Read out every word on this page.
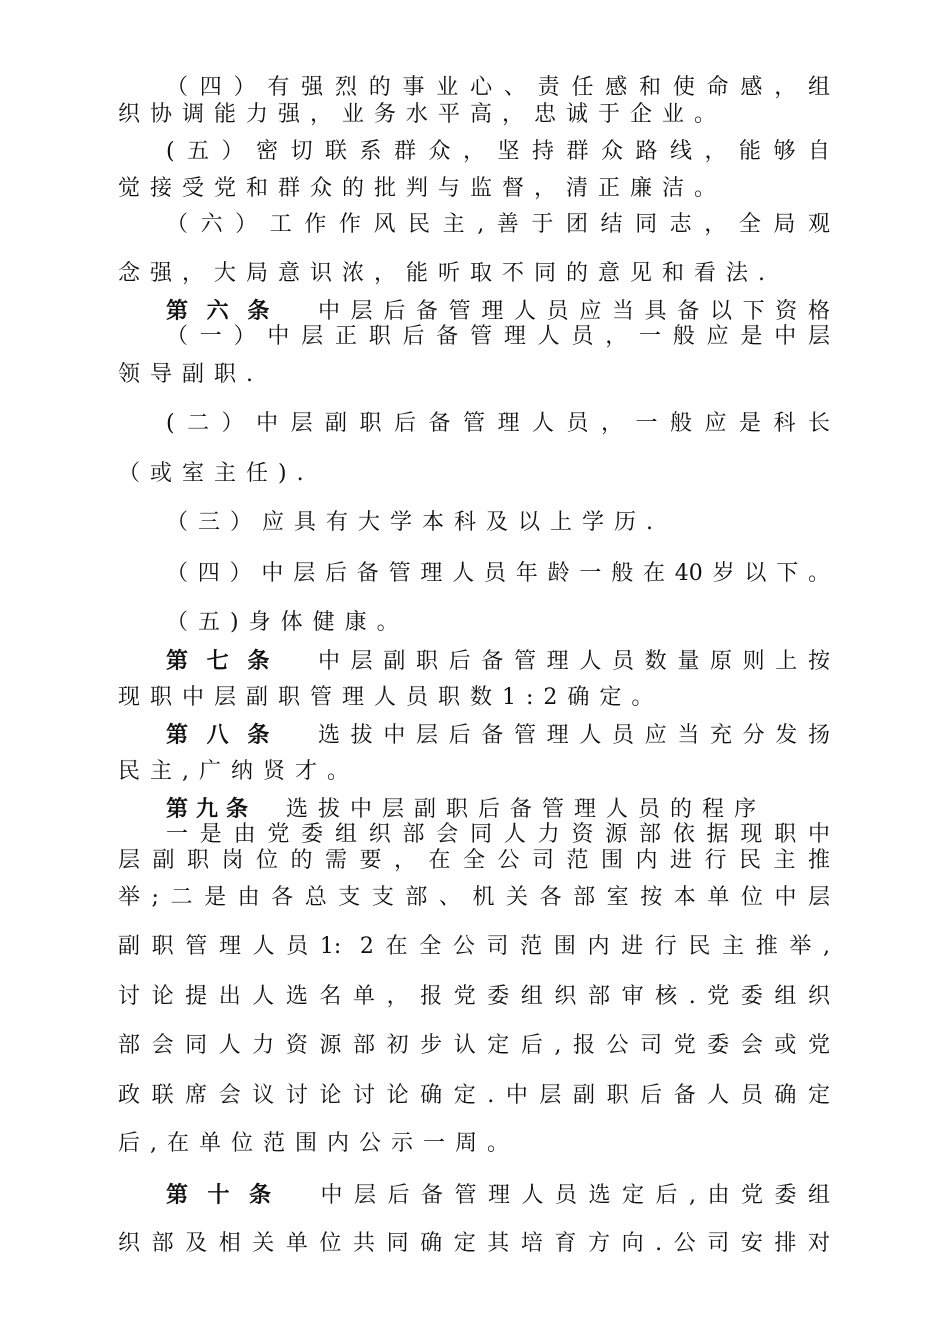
（四）有强烈的事业心、责任感和使命感，组
织协调能力强，业务水平高，忠诚于企业。
(五）密切联系群众，坚持群众路线，能够自
觉接受党和群众的批判与监督，清正廉洁。
（六）工作作风民主,善于团结同志，全局观
念强，大局意识浓，能听取不同的意见和看法.
第六条 中层后备管理人员应当具备以下资格
（一）中层正职后备管理人员，一般应是中层
领导副职.
(二）中层副职后备管理人员，一般应是科长
（或室主任).
（三）应具有大学本科及以上学历.
（四）中层后备管理人员年龄一般在40岁以下。
（五)身体健康。
第七条 中层副职后备管理人员数量原则上按
现职中层副职管理人员职数1:2确定。
第八条 选拔中层后备管理人员应当充分发扬
民主,广纳贤才。
第九条 选拔中层副职后备管理人员的程序
一是由党委组织部会同人力资源部依据现职中
层副职岗位的需要，在全公司范围内进行民主推
举;二是由各总支支部、机关各部室按本单位中层
副职管理人员1: 2在全公司范围内进行民主推举,
讨论提出人选名单，报党委组织部审核.党委组织
部会同人力资源部初步认定后,报公司党委会或党
政联席会议讨论讨论确定.中层副职后备人员确定
后,在单位范围内公示一周。
第十条 中层后备管理人员选定后,由党委组
织部及相关单位共同确定其培育方向.公司安排对
